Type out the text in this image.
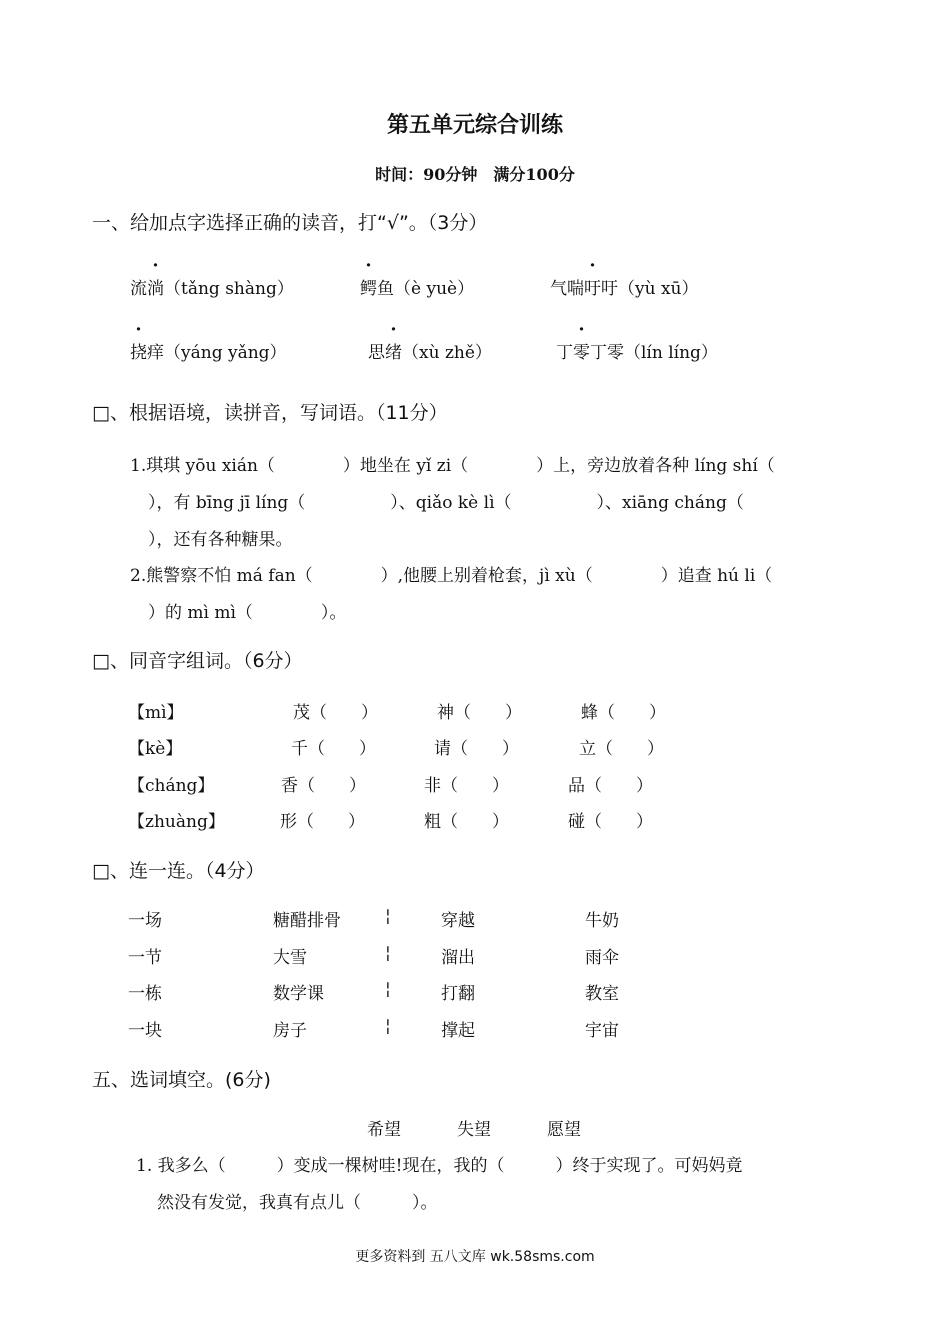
第五单元综合训练
时间：90分钟　满分100分
一、给加点字选择正确的读音，打“√”。（3分）
流淌（tǎng shàng）	鳄鱼（è yuè）	气喘吁吁（yù xū）
挠痒（yáng yǎng）	思绪（xù zhě）	丁零丁零（lín líng）
□、根据语境，读拼音，写词语。（11分）
1.琪琪 yōu xián（　　　　）地坐在 yǐ zi（　　　　）上，旁边放着各种 líng shí（
），有 bīng jī líng（　　　　　）、qiǎo kè lì（　　　　　）、xiāng cháng（
），还有各种糖果。
2.熊警察不怕 má fan（　　　　）,他腰上别着枪套，jì xù（　　　　）追查 hú li（
）的 mì mì（　　　　）。
□、同音字组词。（6分）
【mì】	茂（　　）	神（　　）	蜂（　　）
【kè】	千（　　）	请（　　）	立（　　）
【cháng】	香（　　）	非（　　）	品（　　）
【zhuàng】	形（　　）	粗（　　）	碰（　　）
□、连一连。（4分）
一场	糖醋排骨	¦	穿越	牛奶
一节	大雪	¦	溜出	雨伞
一栋	数学课	¦	打翻	教室
一块	房子	¦	撑起	宇宙
五、选词填空。(6分)
希望	失望	愿望
1. 我多么（　　　）变成一棵树哇!现在，我的（　　　）终于实现了。可妈妈竟
然没有发觉，我真有点儿（　　　）。
更多资料到 五八文库 wk.58sms.com
